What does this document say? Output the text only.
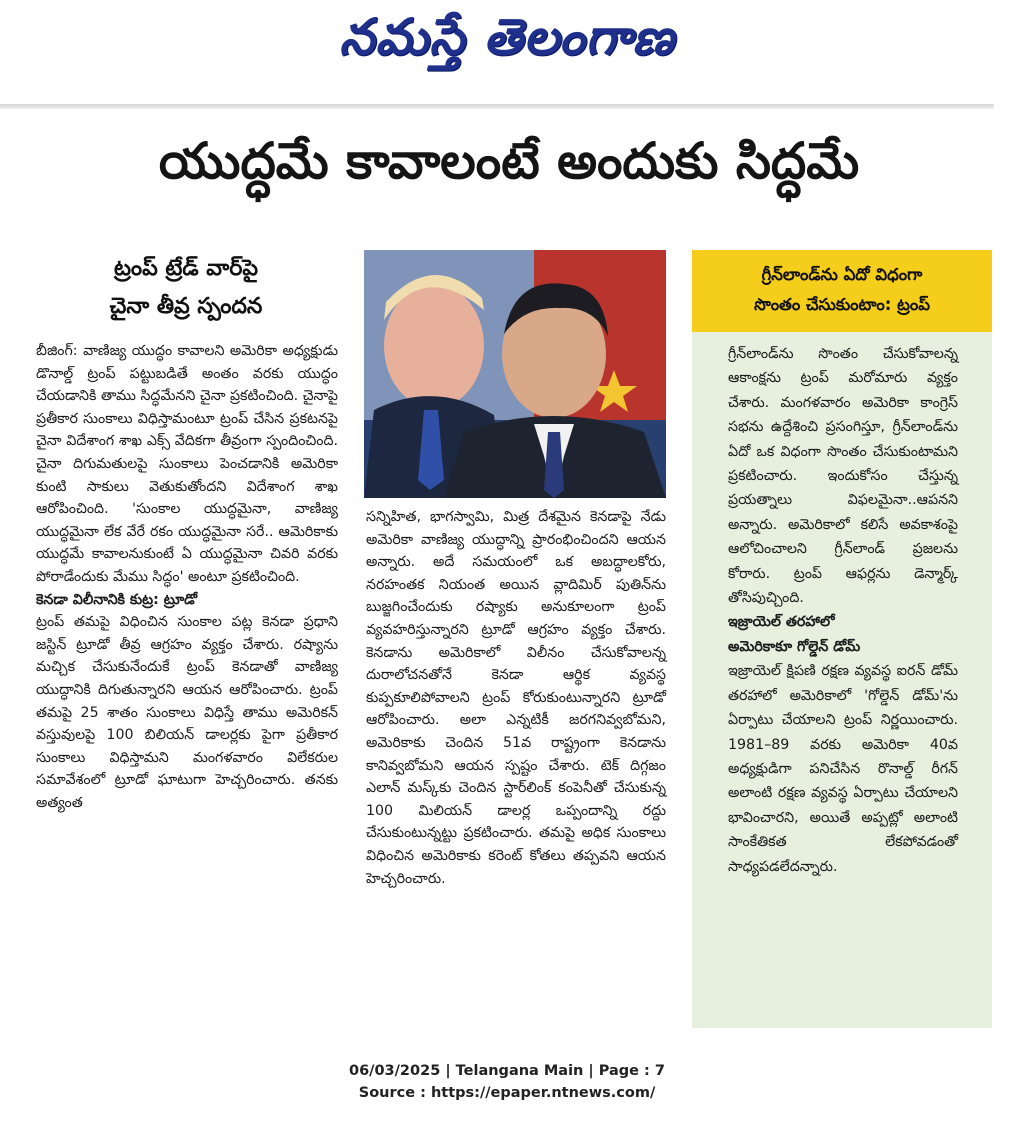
నమస్తే తెలంగాణ
యుద్ధమే కావాలంటే అందుకు సిద్ధమే
ట్రంప్ ట్రేడ్ వార్‌పై
చైనా తీవ్ర స్పందన

బీజింగ్: వాణిజ్య యుద్ధం కావాలని అమెరికా అధ్యక్షుడు డొనాల్డ్ ట్రంప్ పట్టుబడితే అంతం వరకు యుద్ధం చేయడానికి తాము సిద్ధమేనని చైనా ప్రకటించింది. చైనాపై ప్రతీకార సుంకాలు విధిస్తామంటూ ట్రంప్ చేసిన ప్రకటనపై చైనా విదేశాంగ శాఖ ఎక్స్ వేదికగా తీవ్రంగా స్పందించింది. చైనా దిగుమతులపై సుంకాలు పెంచడానికి అమెరికా కుంటి సాకులు వెతుకుతోందని విదేశాంగ శాఖ ఆరోపించింది. 'సుంకాల యుద్ధమైనా, వాణిజ్య యుద్ధమైనా లేక వేరే రకం యుద్ధమైనా సరే.. ఆమెరికాకు యుద్ధమే కావాలనుకుంటే ఏ యుద్ధమైనా చివరి వరకు పోరాడేందుకు మేము సిద్ధం' అంటూ ప్రకటించింది.

కెనడా విలీనానికి కుట్ర: ట్రూడో

ట్రంప్ తమపై విధించిన సుంకాల పట్ల కెనడా ప్రధాని జస్టిన్ ట్రూడో తీవ్ర ఆగ్రహం వ్యక్తం చేశారు. రష్యాను మచ్చిక చేసుకునేందుకే ట్రంప్ కెనడాతో వాణిజ్య యుద్ధానికి దిగుతున్నారని ఆయన ఆరోపించారు. ట్రంప్ తమపై 25 శాతం సుంకాలు విధిస్తే తాము అమెరికన్ వస్తువులపై 100 బిలియన్ డాలర్లకు పైగా ప్రతీకార సుంకాలు విధిస్తామని మంగళవారం విలేకరుల సమావేశంలో ట్రూడో ఘాటుగా హెచ్చరించారు. తనకు అత్యంత

సన్నిహిత, భాగస్వామి, మిత్ర దేశమైన కెనడాపై నేడు అమెరికా వాణిజ్య యుద్ధాన్ని ప్రారంభించిందని ఆయన అన్నారు. అదే సమయంలో ఒక అబద్ధాలకోరు, నరహంతక నియంత అయిన వ్లాదిమిర్ పుతిన్‌ను బుజ్జగించేందుకు రష్యాకు అనుకూలంగా ట్రంప్ వ్యవహరిస్తున్నారని ట్రూడో ఆగ్రహం వ్యక్తం చేశారు. కెనడాను అమెరికాలో విలీనం చేసుకోవాలన్న దురాలోచనతోనే కెనడా ఆర్థిక వ్యవస్థ కుప్పకూలిపోవాలని ట్రంప్ కోరుకుంటున్నారని ట్రూడో ఆరోపించారు. అలా ఎన్నటికీ జరగనివ్వబోమని, అమెరికాకు చెందిన 51వ రాష్ట్రంగా కెనడాను కానివ్వబోమని ఆయన స్పష్టం చేశారు. టెక్ దిగ్గజం ఎలాన్ మస్క్‌కు చెందిన స్టార్‌లింక్ కంపెనీతో చేసుకున్న 100 మిలియన్ డాలర్ల ఒప్పందాన్ని రద్దు చేసుకుంటున్నట్టు ప్రకటించారు. తమపై అధిక సుంకాలు విధించిన అమెరికాకు కరెంట్ కోతలు తప్పవని ఆయన హెచ్చరించారు.

గ్రీన్‌లాండ్‌ను ఏదో విధంగా
సొంతం చేసుకుంటాం: ట్రంప్

గ్రీన్‌లాండ్‌ను సొంతం చేసుకోవాలన్న ఆకాంక్షను ట్రంప్ మరోమారు వ్యక్తం చేశారు. మంగళవారం అమెరికా కాంగ్రెస్ సభను ఉద్దేశించి ప్రసంగిస్తూ, గ్రీన్‌లాండ్‌ను ఏదో ఒక విధంగా సొంతం చేసుకుంటామని ప్రకటించారు. ఇందుకోసం చేస్తున్న ప్రయత్నాలు విఫలమైనా..ఆపనని అన్నారు. అమెరికాలో కలిసే అవకాశంపై ఆలోచించాలని గ్రీన్‌లాండ్ ప్రజలను కోరారు. ట్రంప్ ఆఫర్లను డెన్మార్క్ తోసిపుచ్చింది.

ఇజ్రాయెల్ తరహాలో

అమెరికాకూ గోల్డెన్ డోమ్

ఇజ్రాయెల్ క్షిపణి రక్షణ వ్యవస్థ ఐరన్ డోమ్ తరహాలో అమెరికాలో 'గోల్డెన్ డోమ్'ను ఏర్పాటు చేయాలని ట్రంప్ నిర్ణయించారు. 1981–89 వరకు అమెరికా 40వ అధ్యక్షుడిగా పనిచేసిన రొనాల్డ్ రీగన్ అలాంటి రక్షణ వ్యవస్థ ఏర్పాటు చేయాలని భావించారని, అయితే అప్పట్లో అలాంటి సాంకేతికత లేకపోవడంతో సాధ్యపడలేదన్నారు.

06/03/2025 | Telangana Main | Page : 7
Source : https://epaper.ntnews.com/
